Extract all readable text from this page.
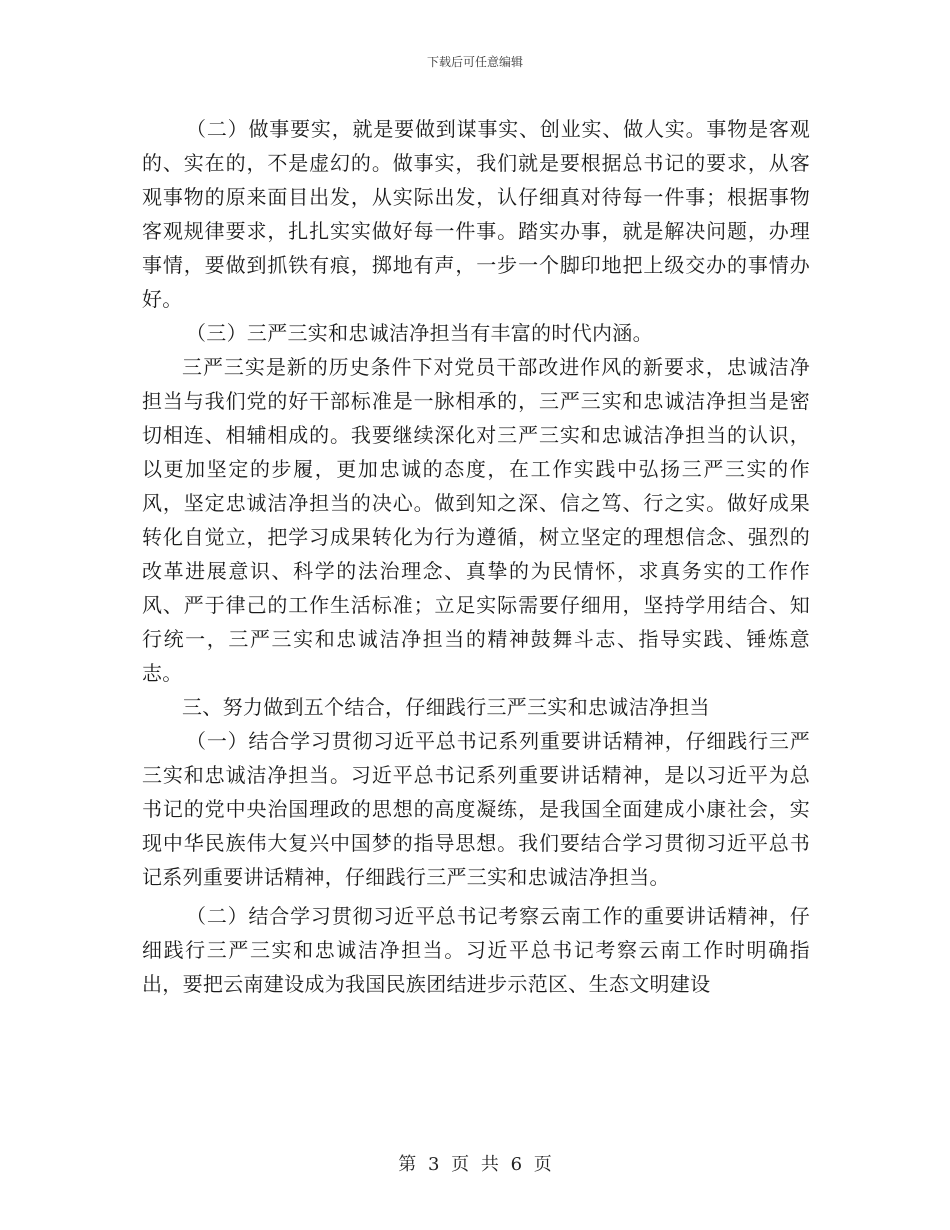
下载后可任意编辑

（二）做事要实，就是要做到谋事实、创业实、做人实。事物是客观的、实在的，不是虚幻的。做事实，我们就是要根据总书记的要求，从客观事物的原来面目出发，从实际出发，认仔细真对待每一件事；根据事物客观规律要求，扎扎实实做好每一件事。踏实办事，就是解决问题，办理事情，要做到抓铁有痕，掷地有声，一步一个脚印地把上级交办的事情办好。

（三）三严三实和忠诚洁净担当有丰富的时代内涵。

三严三实是新的历史条件下对党员干部改进作风的新要求，忠诚洁净担当与我们党的好干部标准是一脉相承的，三严三实和忠诚洁净担当是密切相连、相辅相成的。我要继续深化对三严三实和忠诚洁净担当的认识，以更加坚定的步履，更加忠诚的态度，在工作实践中弘扬三严三实的作风，坚定忠诚洁净担当的决心。做到知之深、信之笃、行之实。做好成果转化自觉立，把学习成果转化为行为遵循，树立坚定的理想信念、强烈的改革进展意识、科学的法治理念、真挚的为民情怀，求真务实的工作作风、严于律己的工作生活标准；立足实际需要仔细用，坚持学用结合、知行统一，三严三实和忠诚洁净担当的精神鼓舞斗志、指导实践、锤炼意志。

三、努力做到五个结合，仔细践行三严三实和忠诚洁净担当

（一）结合学习贯彻习近平总书记系列重要讲话精神，仔细践行三严三实和忠诚洁净担当。习近平总书记系列重要讲话精神，是以习近平为总书记的党中央治国理政的思想的高度凝练，是我国全面建成小康社会，实现中华民族伟大复兴中国梦的指导思想。我们要结合学习贯彻习近平总书记系列重要讲话精神，仔细践行三严三实和忠诚洁净担当。

（二）结合学习贯彻习近平总书记考察云南工作的重要讲话精神，仔细践行三严三实和忠诚洁净担当。习近平总书记考察云南工作时明确指出，要把云南建设成为我国民族团结进步示范区、生态文明建设

第 3 页 共 6 页
